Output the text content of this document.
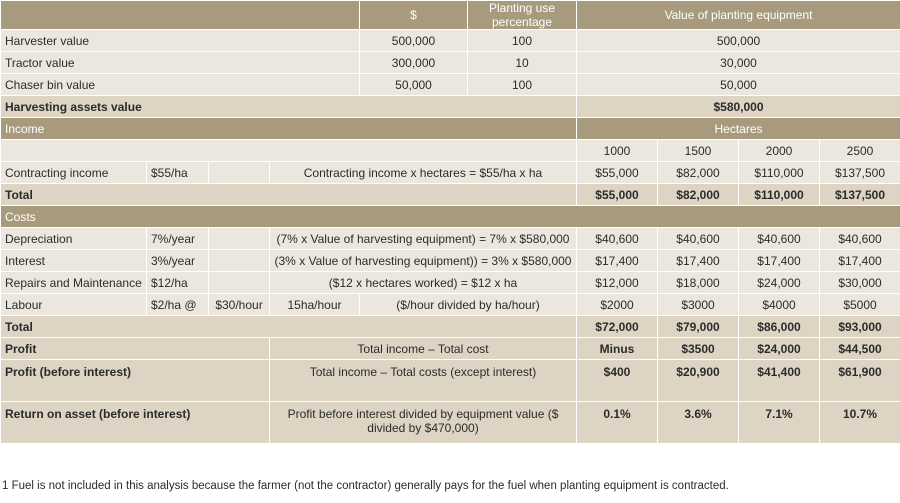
				$	Planting use percentage	Value of planting equipment			
Harvester value				500,000	100	500,000			
Tractor value				300,000	10	30,000			
Chaser bin value				50,000	100	50,000			
Harvesting assets value						$580,000			
Income						Hectares			
						1000	1500	2000	2500
Contracting income	$55/ha		Contracting income x hectares = $55/ha x ha			$55,000	$82,000	$110,000	$137,500
Total						$55,000	$82,000	$110,000	$137,500
Costs									
Depreciation	7%/year		(7% x Value of harvesting equipment) = 7% x $580,000			$40,600	$40,600	$40,600	$40,600
Interest	3%/year		(3% x Value of harvesting equipment)) = 3% x $580,000			$17,400	$17,400	$17,400	$17,400
Repairs and Maintenance	$12/ha		($12 x hectares worked) = $12 x ha			$12,000	$18,000	$24,000	$30,000
Labour	$2/ha @	$30/hour	15ha/hour	($/hour divided by ha/hour)		$2000	$3000	$4000	$5000
Total						$72,000	$79,000	$86,000	$93,000
Profit			Total income – Total cost			Minus	$3500	$24,000	$44,500
Profit (before interest)			Total income – Total costs (except interest)			$400	$20,900	$41,400	$61,900
Return on asset (before interest)			Profit before interest divided by equipment value ($ divided by $470,000)			0.1%	3.6%	7.1%	10.7%
1 Fuel is not included in this analysis because the farmer (not the contractor) generally pays for the fuel when planting equipment is contracted.
